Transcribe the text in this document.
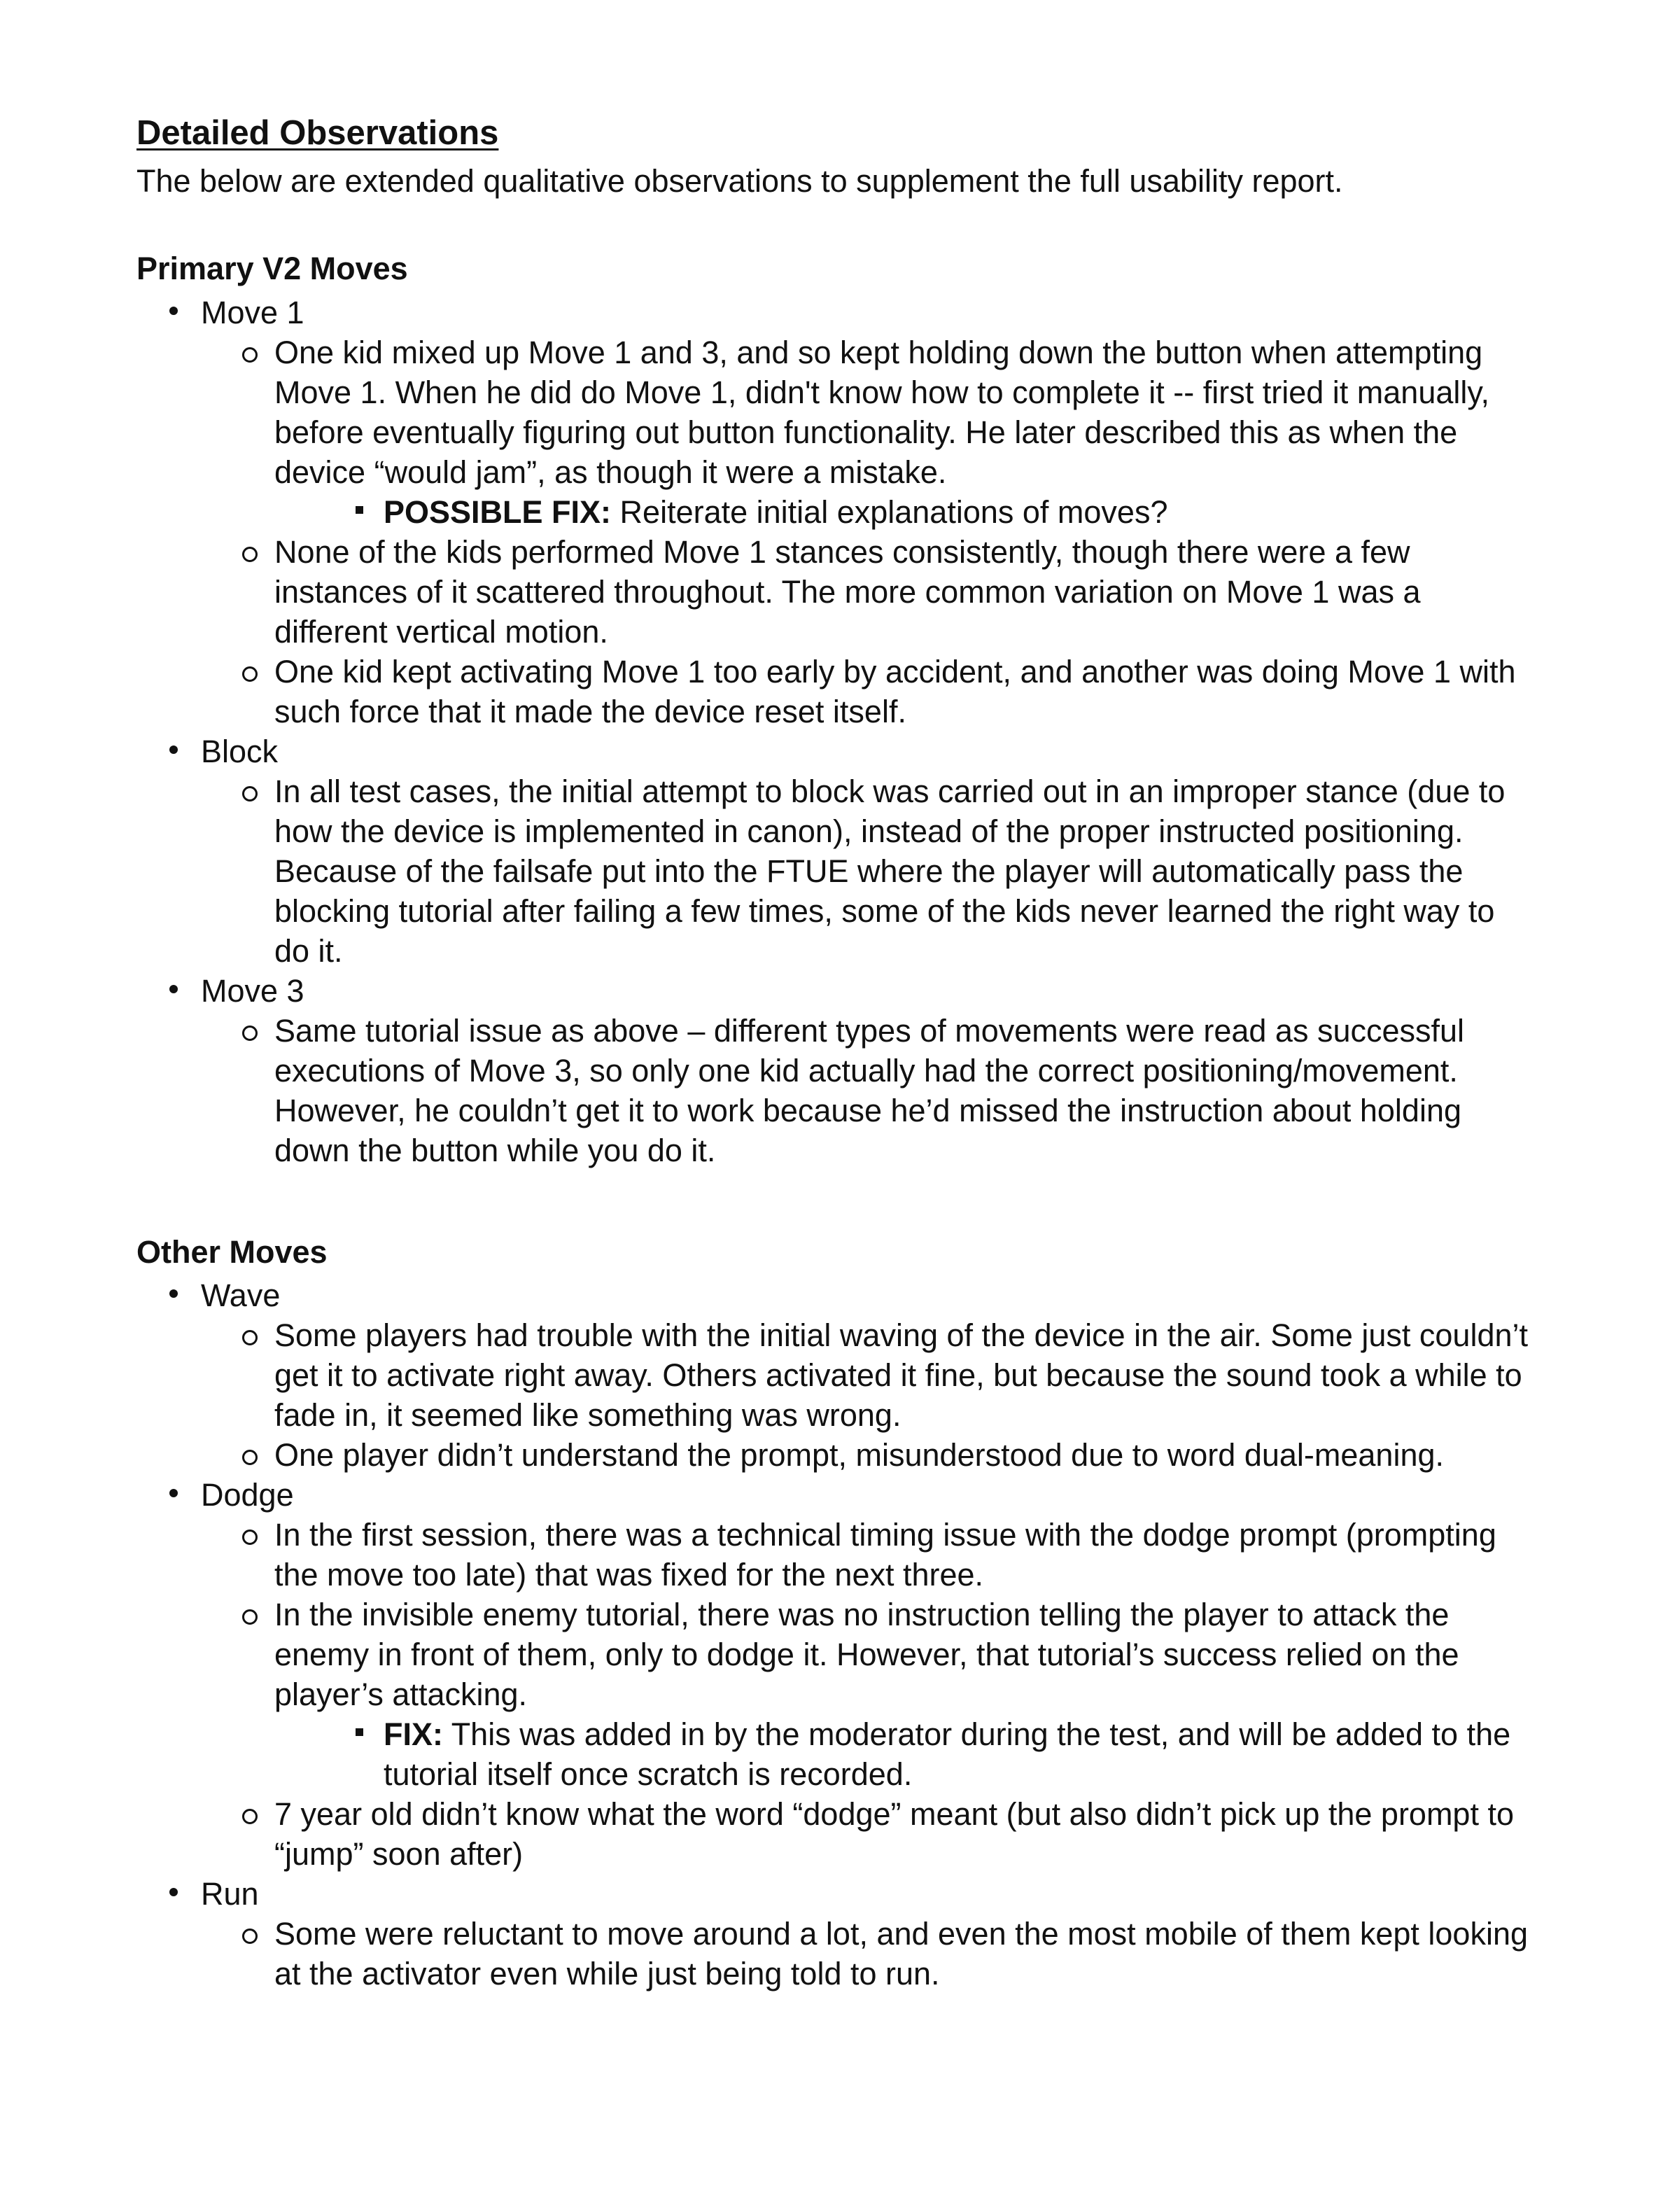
Detailed Observations
The below are extended qualitative observations to supplement the full usability report.
Primary V2 Moves
Move 1
One kid mixed up Move 1 and 3, and so kept holding down the button when attempting Move 1. When he did do Move 1, didn't know how to complete it -- first tried it manually, before eventually figuring out button functionality. He later described this as when the device “would jam”, as though it were a mistake.
POSSIBLE FIX: Reiterate initial explanations of moves?
None of the kids performed Move 1 stances consistently, though there were a few instances of it scattered throughout. The more common variation on Move 1 was a different vertical motion.
One kid kept activating Move 1 too early by accident, and another was doing Move 1 with such force that it made the device reset itself.
Block
In all test cases, the initial attempt to block was carried out in an improper stance (due to how the device is implemented in canon), instead of the proper instructed positioning. Because of the failsafe put into the FTUE where the player will automatically pass the blocking tutorial after failing a few times, some of the kids never learned the right way to do it.
Move 3
Same tutorial issue as above – different types of movements were read as successful executions of Move 3, so only one kid actually had the correct positioning/movement. However, he couldn’t get it to work because he’d missed the instruction about holding down the button while you do it.
Other Moves
Wave
Some players had trouble with the initial waving of the device in the air. Some just couldn’t get it to activate right away. Others activated it fine, but because the sound took a while to fade in, it seemed like something was wrong.
One player didn’t understand the prompt, misunderstood due to word dual-meaning.
Dodge
In the first session, there was a technical timing issue with the dodge prompt (prompting the move too late) that was fixed for the next three.
In the invisible enemy tutorial, there was no instruction telling the player to attack the enemy in front of them, only to dodge it. However, that tutorial’s success relied on the player’s attacking.
FIX: This was added in by the moderator during the test, and will be added to the tutorial itself once scratch is recorded.
7 year old didn’t know what the word “dodge” meant (but also didn’t pick up the prompt to “jump” soon after)
Run
Some were reluctant to move around a lot, and even the most mobile of them kept looking at the activator even while just being told to run.
